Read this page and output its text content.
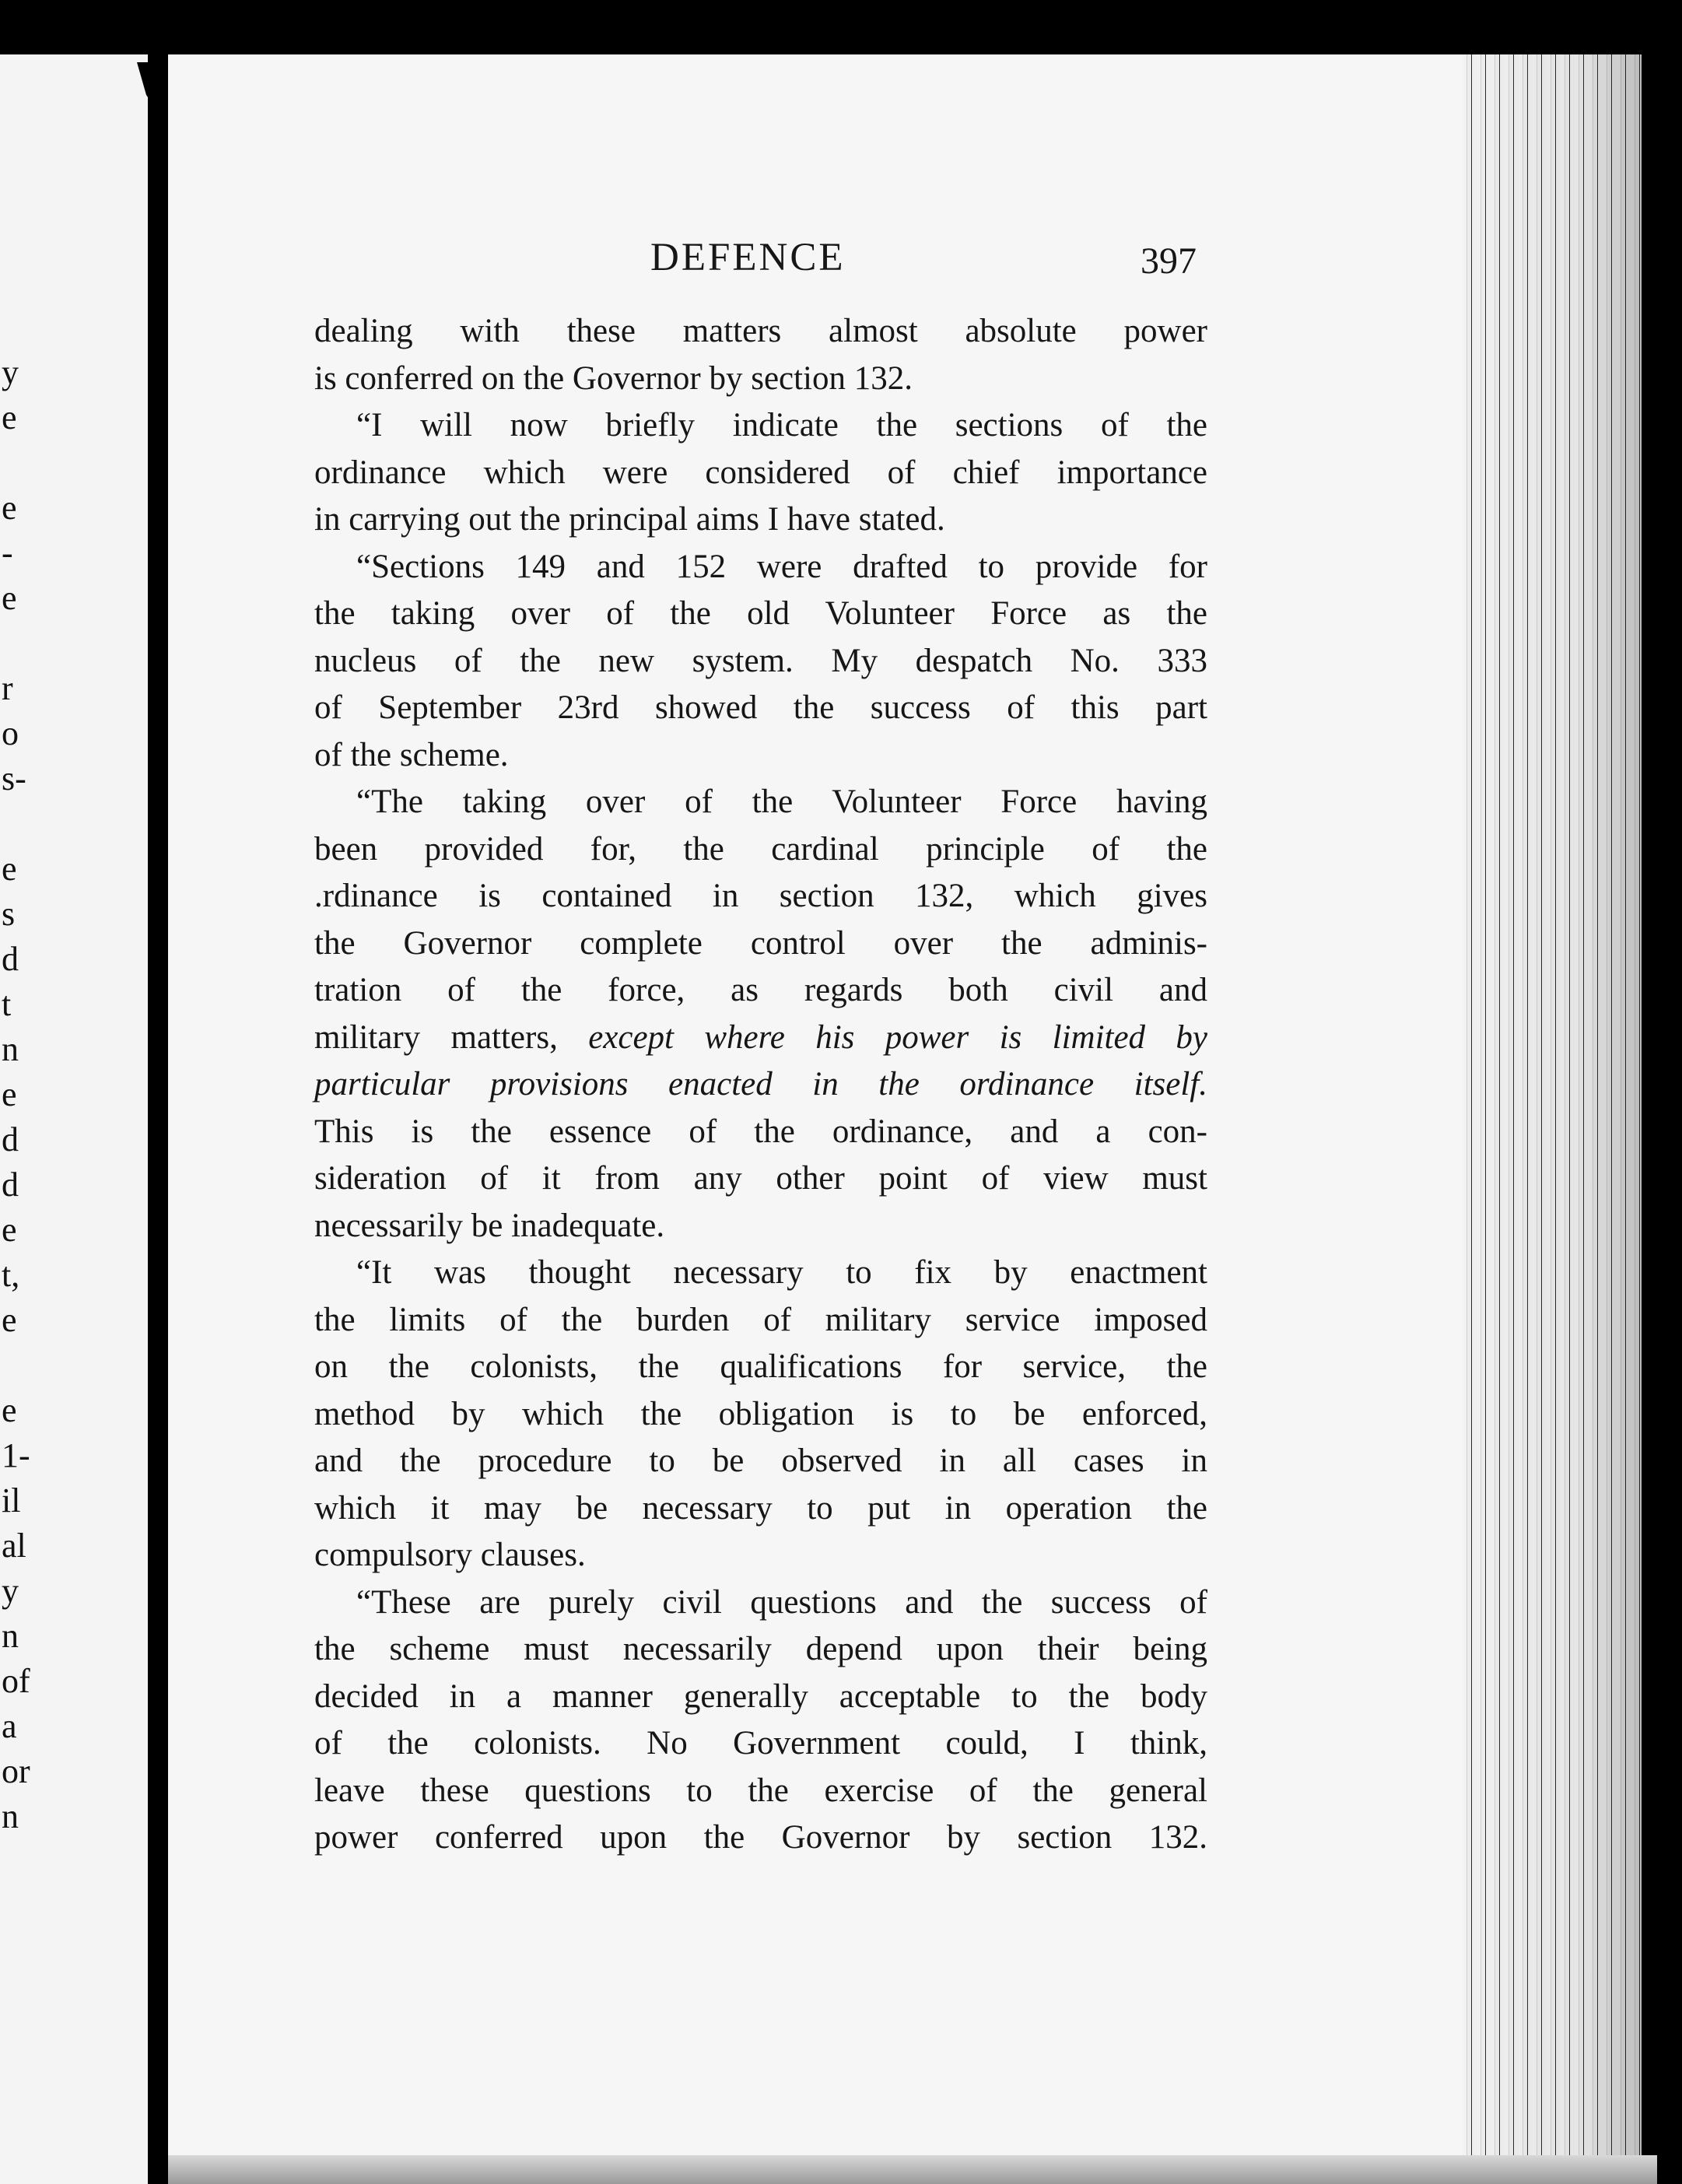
y
e
e
-
e
r
o
s-
e
s
d
t
n
e
d
d
e
t,
e
e
1-
il
al
y
n
of
a
or
n
DEFENCE	397
dealing with these matters almost absolute power
is conferred on the Governor by section 132.
“I will now briefly indicate the sections of the
ordinance which were considered of chief importance
in carrying out the principal aims I have stated.
“Sections 149 and 152 were drafted to provide for
the taking over of the old Volunteer Force as the
nucleus of the new system. My despatch No. 333
of September 23rd showed the success of this part
of the scheme.
“The taking over of the Volunteer Force having
been provided for, the cardinal principle of the
.rdinance is contained in section 132, which gives
the Governor complete control over the adminis-
tration of the force, as regards both civil and
military matters, except where his power is limited by
particular provisions enacted in the ordinance itself.
This is the essence of the ordinance, and a con-
sideration of it from any other point of view must
necessarily be inadequate.
“It was thought necessary to fix by enactment
the limits of the burden of military service imposed
on the colonists, the qualifications for service, the
method by which the obligation is to be enforced,
and the procedure to be observed in all cases in
which it may be necessary to put in operation the
compulsory clauses.
“These are purely civil questions and the success of
the scheme must necessarily depend upon their being
decided in a manner generally acceptable to the body
of the colonists. No Government could, I think,
leave these questions to the exercise of the general
power conferred upon the Governor by section 132.
